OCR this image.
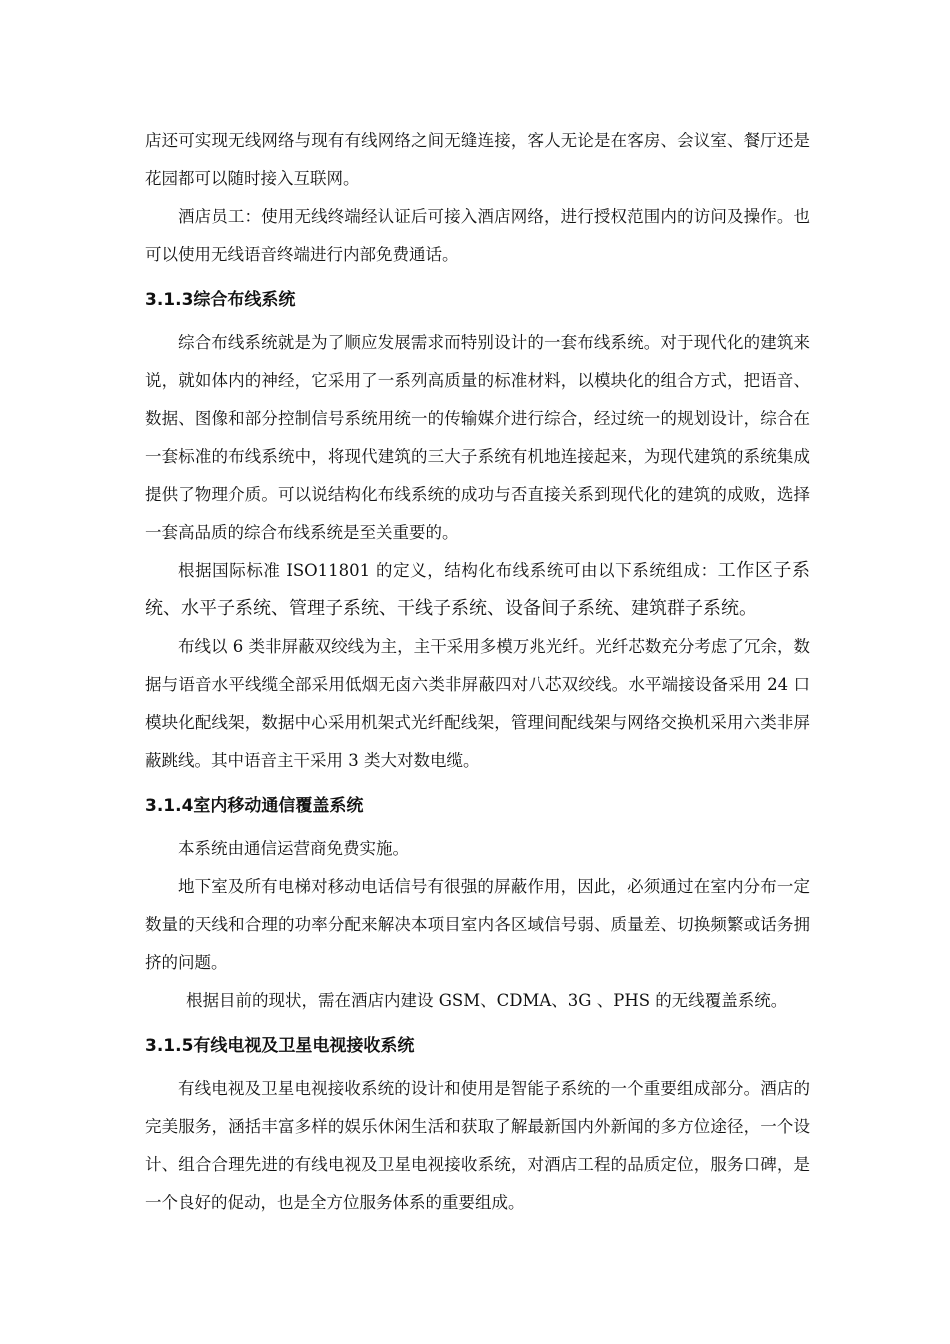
店还可实现无线网络与现有有线网络之间无缝连接，客人无论是在客房、会议室、餐厅还是花园都可以随时接入互联网。

酒店员工：使用无线终端经认证后可接入酒店网络，进行授权范围内的访问及操作。也可以使用无线语音终端进行内部免费通话。

3.1.3综合布线系统

综合布线系统就是为了顺应发展需求而特别设计的一套布线系统。对于现代化的建筑来说，就如体内的神经，它采用了一系列高质量的标准材料，以模块化的组合方式，把语音、数据、图像和部分控制信号系统用统一的传输媒介进行综合，经过统一的规划设计，综合在一套标准的布线系统中，将现代建筑的三大子系统有机地连接起来，为现代建筑的系统集成提供了物理介质。可以说结构化布线系统的成功与否直接关系到现代化的建筑的成败，选择一套高品质的综合布线系统是至关重要的。

根据国际标准 ISO11801 的定义，结构化布线系统可由以下系统组成：工作区子系统、水平子系统、管理子系统、干线子系统、设备间子系统、建筑群子系统。

布线以 6 类非屏蔽双绞线为主，主干采用多模万兆光纤。光纤芯数充分考虑了冗余，数据与语音水平线缆全部采用低烟无卤六类非屏蔽四对八芯双绞线。水平端接设备采用 24 口模块化配线架，数据中心采用机架式光纤配线架，管理间配线架与网络交换机采用六类非屏蔽跳线。其中语音主干采用 3 类大对数电缆。

3.1.4室内移动通信覆盖系统

本系统由通信运营商免费实施。

地下室及所有电梯对移动电话信号有很强的屏蔽作用，因此，必须通过在室内分布一定数量的天线和合理的功率分配来解决本项目室内各区域信号弱、质量差、切换频繁或话务拥挤的问题。

根据目前的现状，需在酒店内建设 GSM、CDMA、3G 、PHS 的无线覆盖系统。

3.1.5有线电视及卫星电视接收系统

有线电视及卫星电视接收系统的设计和使用是智能子系统的一个重要组成部分。酒店的完美服务，涵括丰富多样的娱乐休闲生活和获取了解最新国内外新闻的多方位途径，一个设计、组合合理先进的有线电视及卫星电视接收系统，对酒店工程的品质定位，服务口碑，是一个良好的促动，也是全方位服务体系的重要组成。
